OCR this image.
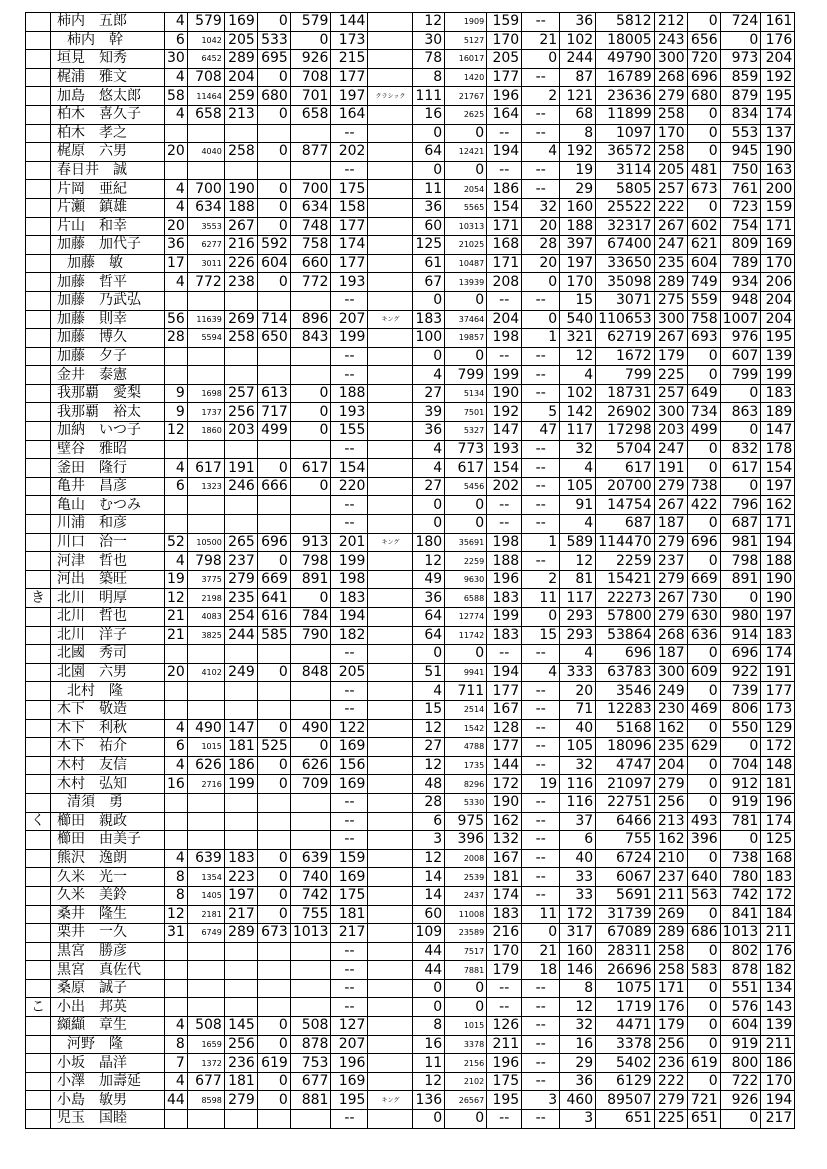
	柿内　五郎	4	579	169	0	579	144		12	1909	159	--	36	5812	212	0	724	161
	柿内　幹	6	1042	205	533	0	173		30	5127	170	21	102	18005	243	656	0	176
	垣見　知秀	30	6452	289	695	926	215		78	16017	205	0	244	49790	300	720	973	204
	梶浦　雅文	4	708	204	0	708	177		8	1420	177	--	87	16789	268	696	859	192
	加島　悠太郎	58	11464	259	680	701	197	クラシック	111	21767	196	2	121	23636	279	680	879	195
	柏木　喜久子	4	658	213	0	658	164		16	2625	164	--	68	11899	258	0	834	174
	柏木　孝之						--		0	0	--	--	8	1097	170	0	553	137
	梶原　六男	20	4040	258	0	877	202		64	12421	194	4	192	36572	258	0	945	190
	春日井　誠						--		0	0	--	--	19	3114	205	481	750	163
	片岡　亜紀	4	700	190	0	700	175		11	2054	186	--	29	5805	257	673	761	200
	片瀬　鎮雄	4	634	188	0	634	158		36	5565	154	32	160	25522	222	0	723	159
	片山　和幸	20	3553	267	0	748	177		60	10313	171	20	188	32317	267	602	754	171
	加藤　加代子	36	6277	216	592	758	174		125	21025	168	28	397	67400	247	621	809	169
	加藤　敏	17	3011	226	604	660	177		61	10487	171	20	197	33650	235	604	789	170
	加藤　哲平	4	772	238	0	772	193		67	13939	208	0	170	35098	289	749	934	206
	加藤　乃武弘						--		0	0	--	--	15	3071	275	559	948	204
	加藤　則幸	56	11639	269	714	896	207	キング	183	37464	204	0	540	110653	300	758	1007	204
	加藤　博久	28	5594	258	650	843	199		100	19857	198	1	321	62719	267	693	976	195
	加藤　夕子						--		0	0	--	--	12	1672	179	0	607	139
	金井　泰憲						--		4	799	199	--	4	799	225	0	799	199
	我那覇　愛梨	9	1698	257	613	0	188		27	5134	190	--	102	18731	257	649	0	183
	我那覇　裕太	9	1737	256	717	0	193		39	7501	192	5	142	26902	300	734	863	189
	加納　いつ子	12	1860	203	499	0	155		36	5327	147	47	117	17298	203	499	0	147
	壁谷　雅昭						--		4	773	193	--	32	5704	247	0	832	178
	釜田　隆行	4	617	191	0	617	154		4	617	154	--	4	617	191	0	617	154
	亀井　昌彦	6	1323	246	666	0	220		27	5456	202	--	105	20700	279	738	0	197
	亀山　むつみ						--		0	0	--	--	91	14754	267	422	796	162
	川浦　和彦						--		0	0	--	--	4	687	187	0	687	171
	川口　治一	52	10500	265	696	913	201	キング	180	35691	198	1	589	114470	279	696	981	194
	河津　哲也	4	798	237	0	798	199		12	2259	188	--	12	2259	237	0	798	188
	河出　築旺	19	3775	279	669	891	198		49	9630	196	2	81	15421	279	669	891	190
き	北川　明厚	12	2198	235	641	0	183		36	6588	183	11	117	22273	267	730	0	190
	北川　哲也	21	4083	254	616	784	194		64	12774	199	0	293	57800	279	630	980	197
	北川　洋子	21	3825	244	585	790	182		64	11742	183	15	293	53864	268	636	914	183
	北國　秀司						--		0	0	--	--	4	696	187	0	696	174
	北園　六男	20	4102	249	0	848	205		51	9941	194	4	333	63783	300	609	922	191
	北村　隆						--		4	711	177	--	20	3546	249	0	739	177
	木下　敬造						--		15	2514	167	--	71	12283	230	469	806	173
	木下　利秋	4	490	147	0	490	122		12	1542	128	--	40	5168	162	0	550	129
	木下　祐介	6	1015	181	525	0	169		27	4788	177	--	105	18096	235	629	0	172
	木村　友信	4	626	186	0	626	156		12	1735	144	--	32	4747	204	0	704	148
	木村　弘知	16	2716	199	0	709	169		48	8296	172	19	116	21097	279	0	912	181
	清須　勇						--		28	5330	190	--	116	22751	256	0	919	196
く	櫛田　親政						--		6	975	162	--	37	6466	213	493	781	174
	櫛田　由美子						--		3	396	132	--	6	755	162	396	0	125
	熊沢　逸朗	4	639	183	0	639	159		12	2008	167	--	40	6724	210	0	738	168
	久米　光一	8	1354	223	0	740	169		14	2539	181	--	33	6067	237	640	780	183
	久米　美鈴	8	1405	197	0	742	175		14	2437	174	--	33	5691	211	563	742	172
	桑井　隆生	12	2181	217	0	755	181		60	11008	183	11	172	31739	269	0	841	184
	栗井　一久	31	6749	289	673	1013	217		109	23589	216	0	317	67089	289	686	1013	211
	黒宮　勝彦						--		44	7517	170	21	160	28311	258	0	802	176
	黒宮　真佐代						--		44	7881	179	18	146	26696	258	583	878	182
	桑原　誠子						--		0	0	--	--	8	1075	171	0	551	134
こ	小出　邦英						--		0	0	--	--	12	1719	176	0	576	143
	纐纈　章生	4	508	145	0	508	127		8	1015	126	--	32	4471	179	0	604	139
	河野　隆	8	1659	256	0	878	207		16	3378	211	--	16	3378	256	0	919	211
	小坂　晶洋	7	1372	236	619	753	196		11	2156	196	--	29	5402	236	619	800	186
	小澤　加壽延	4	677	181	0	677	169		12	2102	175	--	36	6129	222	0	722	170
	小島　敏男	44	8598	279	0	881	195	キング	136	26567	195	3	460	89507	279	721	926	194
	児玉　国睦						--		0	0	--	--	3	651	225	651	0	217
